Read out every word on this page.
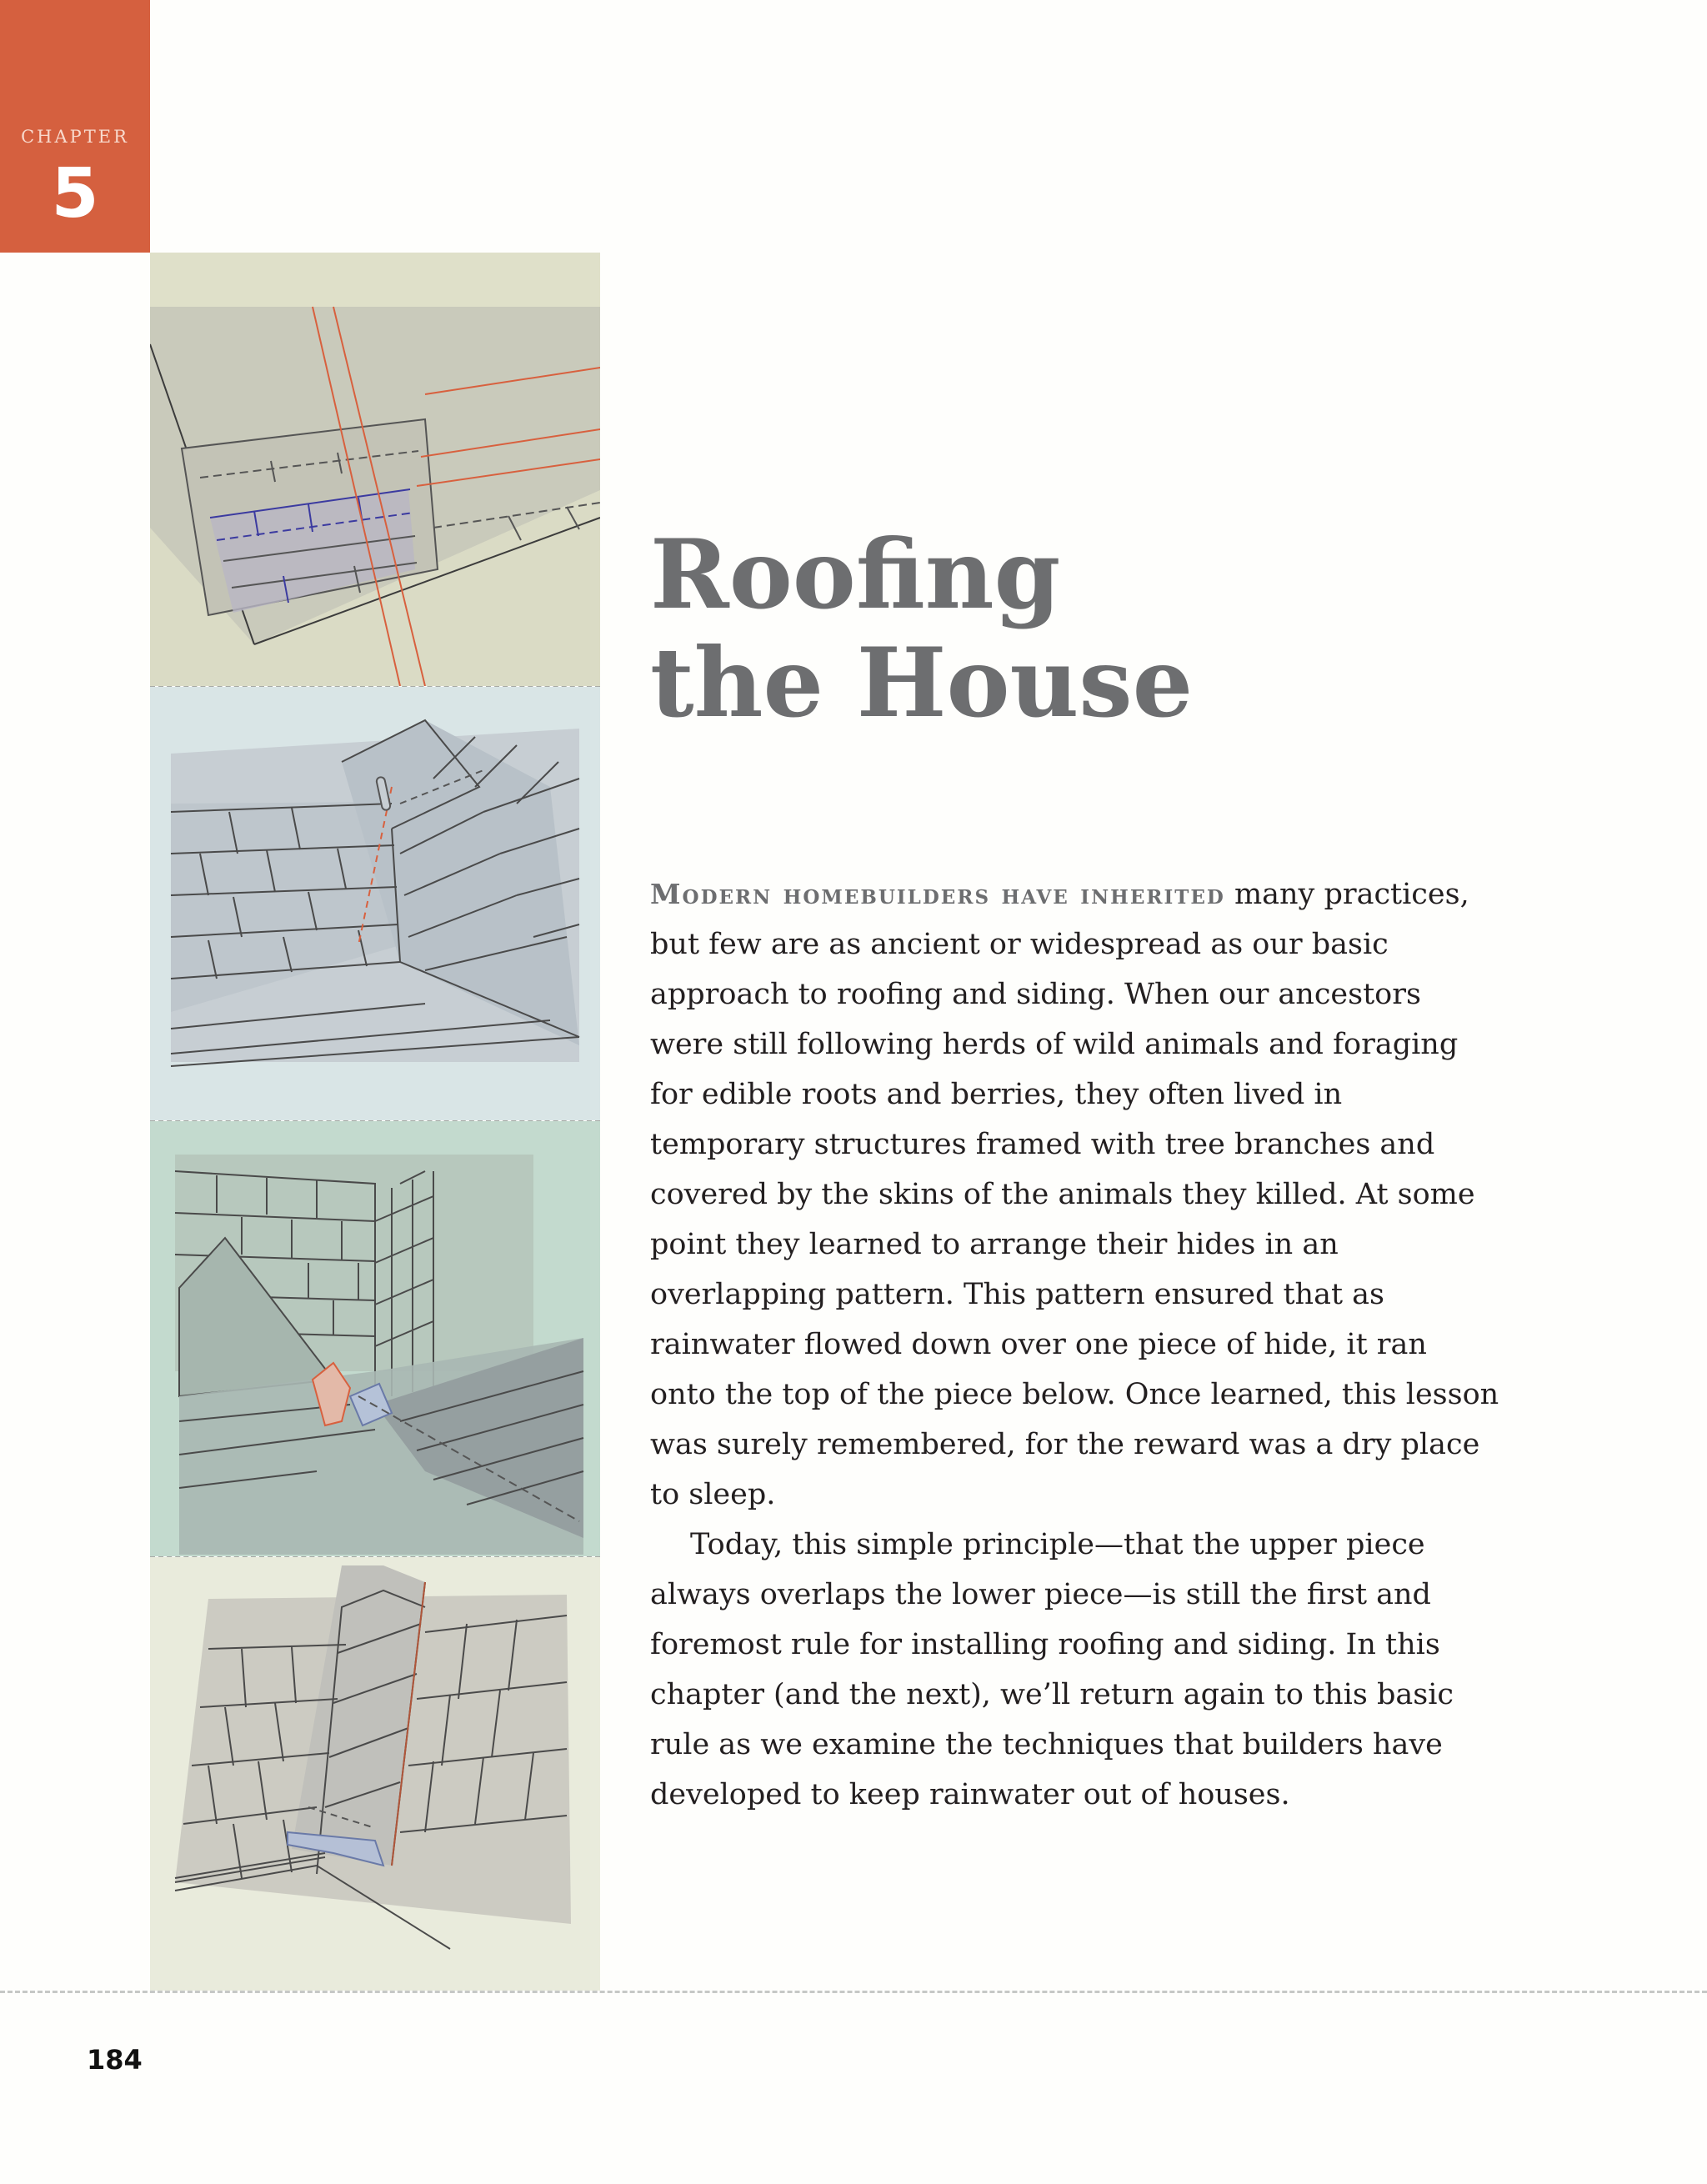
CHAPTER
5
Roofing
the House

Modern homebuilders have inherited many practices, but few are as ancient or widespread as our basic approach to roofing and siding. When our ancestors were still following herds of wild animals and foraging for edible roots and berries, they often lived in temporary structures framed with tree branches and covered by the skins of the animals they killed. At some point they learned to arrange their hides in an overlapping pattern. This pattern ensured that as rainwater flowed down over one piece of hide, it ran onto the top of the piece below. Once learned, this lesson was surely remembered, for the reward was a dry place to sleep.

Today, this simple principle—that the upper piece always overlaps the lower piece—is still the first and foremost rule for installing roofing and siding. In this chapter (and the next), we’ll return again to this basic rule as we examine the techniques that builders have developed to keep rainwater out of houses.

184
